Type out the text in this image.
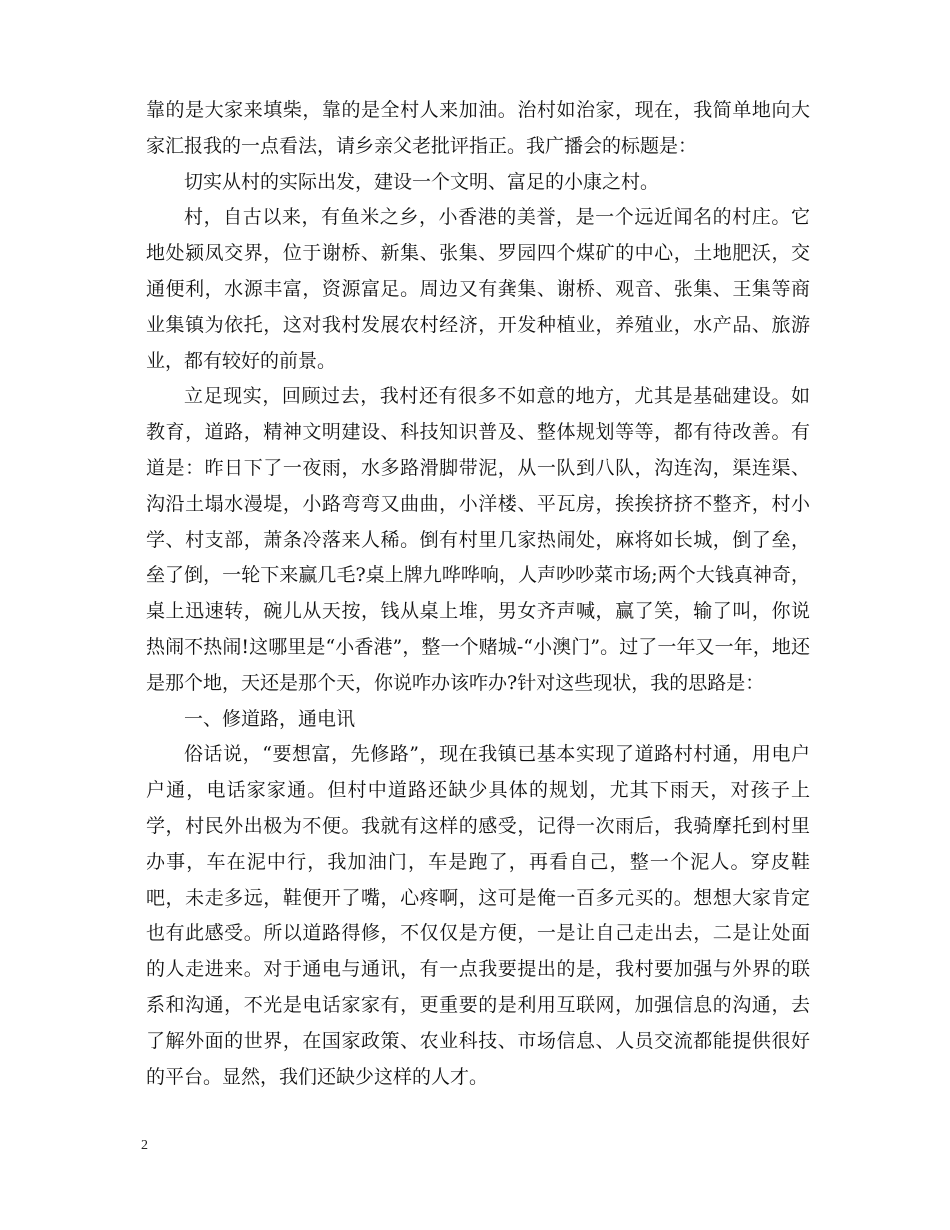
靠的是大家来填柴，靠的是全村人来加油。治村如治家，现在，我简单地向大家汇报我的一点看法，请乡亲父老批评指正。我广播会的标题是：

切实从村的实际出发，建设一个文明、富足的小康之村。

村，自古以来，有鱼米之乡，小香港的美誉，是一个远近闻名的村庄。它地处颍凤交界，位于谢桥、新集、张集、罗园四个煤矿的中心，土地肥沃，交通便利，水源丰富，资源富足。周边又有龚集、谢桥、观音、张集、王集等商业集镇为依托，这对我村发展农村经济，开发种植业，养殖业，水产品、旅游业，都有较好的前景。

立足现实，回顾过去，我村还有很多不如意的地方，尤其是基础建设。如教育，道路，精神文明建设、科技知识普及、整体规划等等，都有待改善。有道是：昨日下了一夜雨，水多路滑脚带泥，从一队到八队，沟连沟，渠连渠、沟沿土塌水漫堤，小路弯弯又曲曲，小洋楼、平瓦房，挨挨挤挤不整齐，村小学、村支部，萧条冷落来人稀。倒有村里几家热闹处，麻将如长城，倒了垒，垒了倒，一轮下来赢几毛?桌上牌九哗哗响，人声吵吵菜市场;两个大钱真神奇，桌上迅速转，碗儿从天按，钱从桌上堆，男女齐声喊，赢了笑，输了叫，你说热闹不热闹!这哪里是“小香港”，整一个赌城-“小澳门”。过了一年又一年，地还是那个地，天还是那个天，你说咋办该咋办?针对这些现状，我的思路是：

一、修道路，通电讯

俗话说，“要想富，先修路”，现在我镇已基本实现了道路村村通，用电户户通，电话家家通。但村中道路还缺少具体的规划，尤其下雨天，对孩子上学，村民外出极为不便。我就有这样的感受，记得一次雨后，我骑摩托到村里办事，车在泥中行，我加油门，车是跑了，再看自己，整一个泥人。穿皮鞋吧，未走多远，鞋便开了嘴，心疼啊，这可是俺一百多元买的。想想大家肯定也有此感受。所以道路得修，不仅仅是方便，一是让自己走出去，二是让处面的人走进来。对于通电与通讯，有一点我要提出的是，我村要加强与外界的联系和沟通，不光是电话家家有，更重要的是利用互联网，加强信息的沟通，去了解外面的世界，在国家政策、农业科技、市场信息、人员交流都能提供很好的平台。显然，我们还缺少这样的人才。

2
